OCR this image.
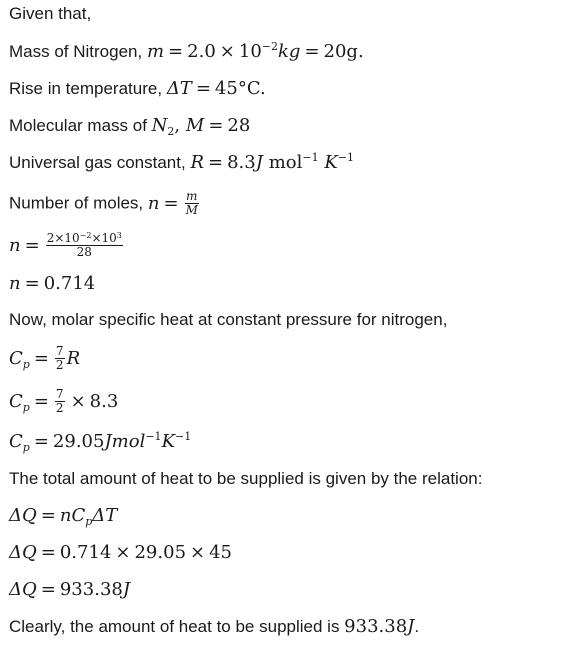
Given that,
Mass of Nitrogen, $m = 2.0 \times 10^{-2}kg = 20g$.
Rise in temperature, ΔT = 45°C.
Molecular mass of $N_2$, M = 28
Universal gas constant, R = 8.3J mol$^{-1}$ $K^{-1}$
Number of moles, $n = \frac{m}{M}$
$n = \frac{2\times 10^{-2}\times 10^3}{28}$
n = 0.714
Now, molar specific heat at constant pressure for nitrogen,
$C_p = \frac{7}{2}$ R
$C_p = \frac{7}{2} \times 8.3$
$C_p$ = $29.05Jmol^{-1}K^{-1}$
The total amount of heat to be supplied is given by the relation:
$\Delta Q = nC_p\Delta T$
ΔQ = 0.714 × 29.05 × 45
ΔQ = 933.38J
Clearly, the amount of heat to be supplied is 933.38J.
